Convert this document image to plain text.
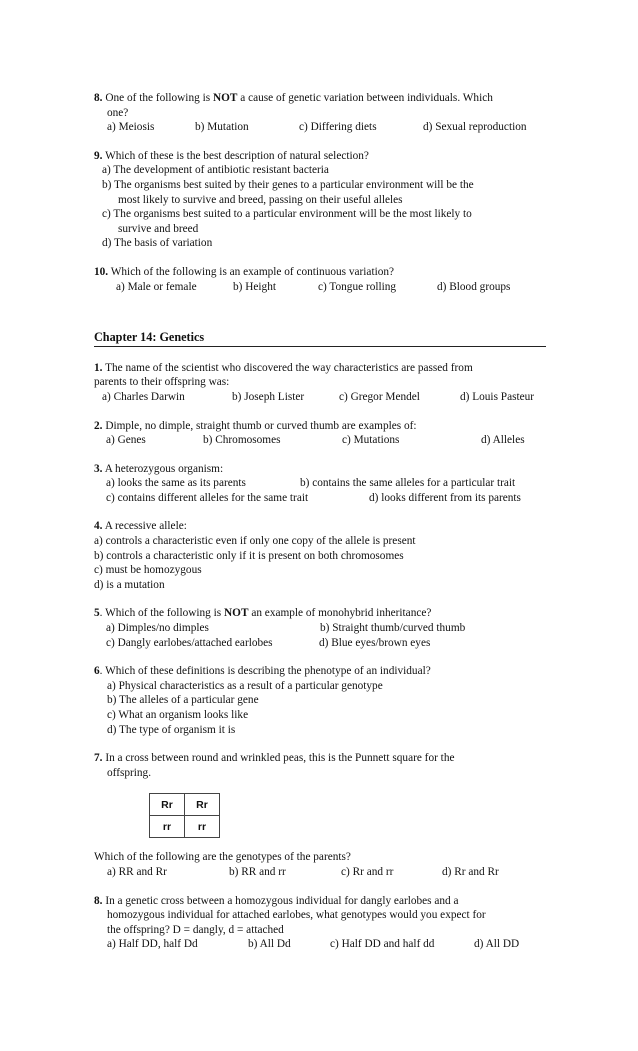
8. One of the following is NOT a cause of genetic variation between individuals. Which
one?
a) Meiosis	b) Mutation	c) Differing diets	d) Sexual reproduction
9. Which of these is the best description of natural selection?
a) The development of antibiotic resistant bacteria
b) The organisms best suited by their genes to a particular environment will be the
most likely to survive and breed, passing on their useful alleles
c) The organisms best suited to a particular environment will be the most likely to
survive and breed
d) The basis of variation
10. Which of the following is an example of continuous variation?
a) Male or female	b) Height	c) Tongue rolling	d) Blood groups
Chapter 14: Genetics
1. The name of the scientist who discovered the way characteristics are passed from
parents to their offspring was:
a) Charles Darwin	b) Joseph Lister	c) Gregor Mendel	d) Louis Pasteur
2. Dimple, no dimple, straight thumb or curved thumb are examples of:
a) Genes	b) Chromosomes	c) Mutations	d) Alleles
3. A heterozygous organism:
a) looks the same as its parents	b) contains the same alleles for a particular trait
c) contains different alleles for the same trait	d) looks different from its parents
4. A recessive allele:
a) controls a characteristic even if only one copy of the allele is present
b) controls a characteristic only if it is present on both chromosomes
c) must be homozygous
d) is a mutation
5. Which of the following is NOT an example of monohybrid inheritance?
a) Dimples/no dimples	b) Straight thumb/curved thumb
c) Dangly earlobes/attached earlobes	d) Blue eyes/brown eyes
6. Which of these definitions is describing the phenotype of an individual?
a) Physical characteristics as a result of a particular genotype
b) The alleles of a particular gene
c) What an organism looks like
d) The type of organism it is
7. In a cross between round and wrinkled peas, this is the Punnett square for the
offspring.
Rr	Rr
rr	rr
Which of the following are the genotypes of the parents?
a) RR and Rr	b) RR and rr	c) Rr and rr	d) Rr and Rr
8. In a genetic cross between a homozygous individual for dangly earlobes and a
homozygous individual for attached earlobes, what genotypes would you expect for
the offspring? D = dangly, d = attached
a) Half DD, half Dd	b) All Dd	c) Half DD and half dd	d) All DD
